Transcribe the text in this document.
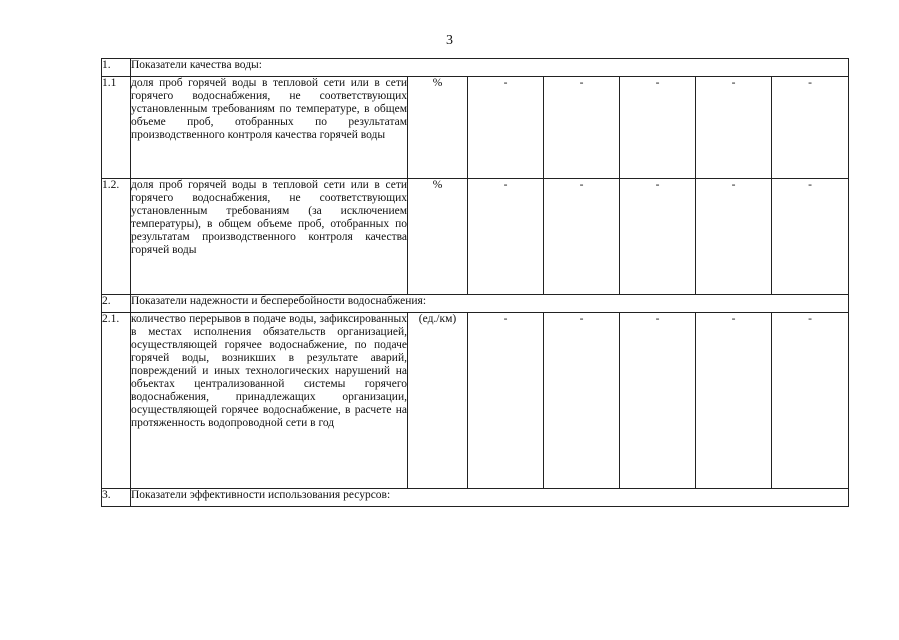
3
1.	Показатели качества воды:						
1.1	доля проб горячей воды в тепловой сети или в сети горячего водоснабжения, не соответствующих установленным требованиям по температуре, в общем объеме проб, отобранных по результатам производственного контроля качества горячей воды	%	-	-	-	-	-
1.2.	доля проб горячей воды в тепловой сети или в сети горячего водоснабжения, не соответствующих установленным требованиям (за исключением температуры), в общем объеме проб, отобранных по результатам производственного контроля качества горячей воды	%	-	-	-	-	-
2.	Показатели надежности и бесперебойности водоснабжения:						
2.1.	количество перерывов в подаче воды, зафиксированных в местах исполнения обязательств организацией, осуществляющей горячее водоснабжение, по подаче горячей воды, возникших в результате аварий, повреждений и иных технологических нарушений на объектах централизованной системы горячего водоснабжения, принадлежащих организации, осуществляющей горячее водоснабжение, в расчете на протяженность водопроводной сети в год	(ед./км)	-	-	-	-	-
3.	Показатели эффективности использования ресурсов:						
